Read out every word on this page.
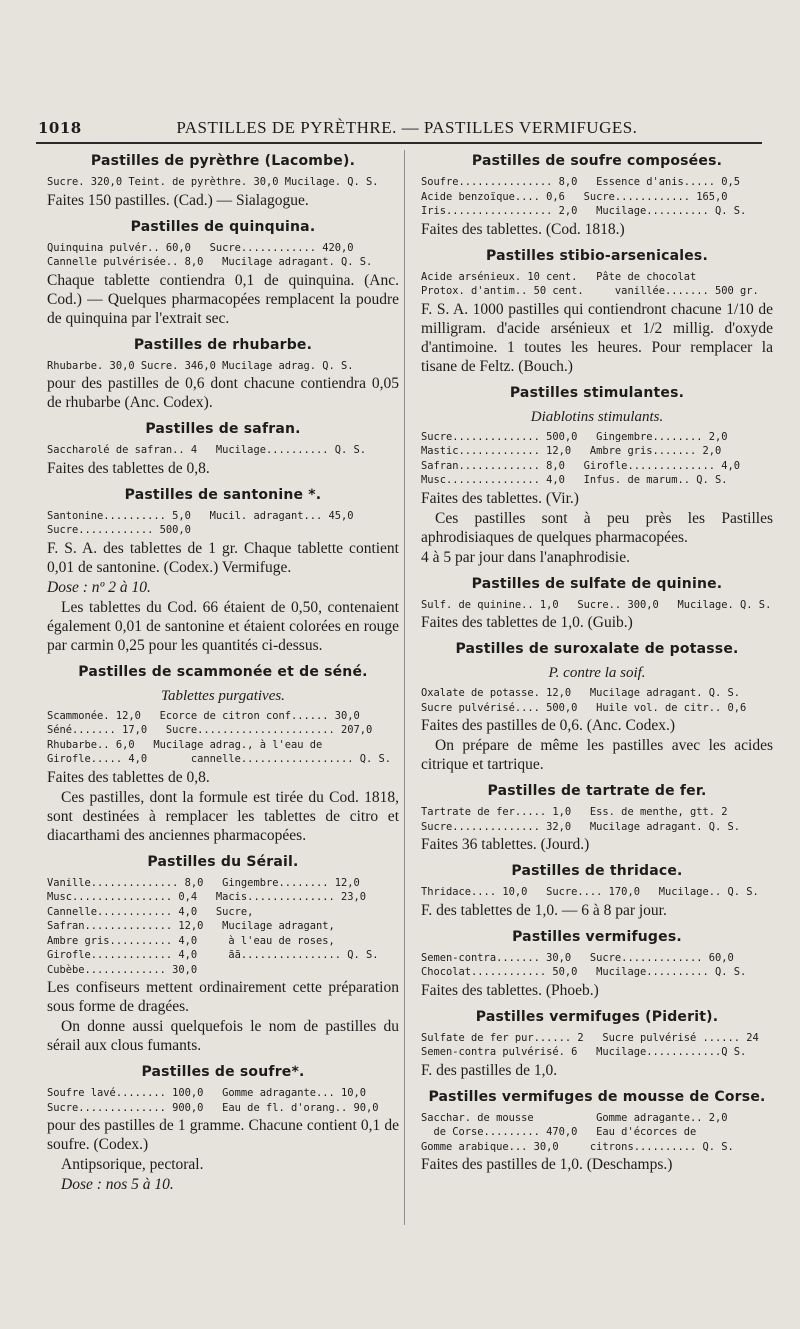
1018	PASTILLES DE PYRÈTHRE. — PASTILLES VERMIFUGES.
Pastilles de pyrèthre (Lacombe).
Sucre. 320,0 Teint. de pyrèthre. 30,0 Mucilage. Q. S.
Faites 150 pastilles. (Cad.) — Sialagogue.
Pastilles de quinquina.
Quinquina pulvér.. 60,0   Sucre............ 420,0
Cannelle pulvérisée.. 8,0   Mucilage adragant. Q. S.
Chaque tablette contiendra 0,1 de quinquina. (Anc. Cod.) — Quelques pharmacopées remplacent la poudre de quinquina par l'extrait sec.
Pastilles de rhubarbe.
Rhubarbe. 30,0 Sucre. 346,0 Mucilage adrag. Q. S.
pour des pastilles de 0,6 dont chacune contiendra 0,05 de rhubarbe (Anc. Codex).
Pastilles de safran.
Saccharolé de safran.. 4   Mucilage.......... Q. S.
Faites des tablettes de 0,8.
Pastilles de santonine *.
Santonine.......... 5,0   Mucil. adragant... 45,0
Sucre............ 500,0
F. S. A. des tablettes de 1 gr. Chaque tablette contient 0,01 de santonine. (Codex.) Vermifuge.
Dose : nº 2 à 10.
Les tablettes du Cod. 66 étaient de 0,50, contenaient également 0,01 de santonine et étaient colorées en rouge par carmin 0,25 pour les quantités ci-dessus.
Pastilles de scammonée et de séné.
Tablettes purgatives.
Scammonée. 12,0   Ecorce de citron conf...... 30,0
Séné....... 17,0   Sucre...................... 207,0
Rhubarbe.. 6,0   Mucilage adrag., à l'eau de
Girofle..... 4,0       cannelle.................. Q. S.
Faites des tablettes de 0,8.
Ces pastilles, dont la formule est tirée du Cod. 1818, sont destinées à remplacer les tablettes de citro et diacarthami des anciennes pharmacopées.
Pastilles du Sérail.
Vanille.............. 8,0   Gingembre........ 12,0
Musc................ 0,4   Macis.............. 23,0
Cannelle............ 4,0   Sucre,
Safran.............. 12,0   Mucilage adragant,
Ambre gris.......... 4,0     à l'eau de roses,
Girofle............. 4,0     ãã................ Q. S.
Cubèbe............. 30,0
Les confiseurs mettent ordinairement cette préparation sous forme de dragées.
On donne aussi quelquefois le nom de pastilles du sérail aux clous fumants.
Pastilles de soufre*.
Soufre lavé........ 100,0   Gomme adragante... 10,0
Sucre.............. 900,0   Eau de fl. d'orang.. 90,0
pour des pastilles de 1 gramme. Chacune contient 0,1 de soufre. (Codex.)
Antipsorique, pectoral.
Dose : nos 5 à 10.
Pastilles de soufre composées.
Soufre............... 8,0   Essence d'anis..... 0,5
Acide benzoïque.... 0,6   Sucre............ 165,0
Iris................. 2,0   Mucilage.......... Q. S.
Faites des tablettes. (Cod. 1818.)
Pastilles stibio-arsenicales.
Acide arsénieux. 10 cent.   Pâte de chocolat
Protox. d'antim.. 50 cent.     vanillée....... 500 gr.
F. S. A. 1000 pastilles qui contiendront chacune 1/10 de milligram. d'acide arsénieux et 1/2 millig. d'oxyde d'antimoine. 1 toutes les heures. Pour remplacer la tisane de Feltz. (Bouch.)
Pastilles stimulantes.
Diablotins stimulants.
Sucre.............. 500,0   Gingembre........ 2,0
Mastic............. 12,0   Ambre gris....... 2,0
Safran............. 8,0   Girofle.............. 4,0
Musc............... 4,0   Infus. de marum.. Q. S.
Faites des tablettes. (Vir.)
Ces pastilles sont à peu près les Pastilles aphrodisiaques de quelques pharmacopées.
4 à 5 par jour dans l'anaphrodisie.
Pastilles de sulfate de quinine.
Sulf. de quinine.. 1,0   Sucre.. 300,0   Mucilage. Q. S.
Faites des tablettes de 1,0. (Guib.)
Pastilles de suroxalate de potasse.
P. contre la soif.
Oxalate de potasse. 12,0   Mucilage adragant. Q. S.
Sucre pulvérisé.... 500,0   Huile vol. de citr.. 0,6
Faites des pastilles de 0,6. (Anc. Codex.)
On prépare de même les pastilles avec les acides citrique et tartrique.
Pastilles de tartrate de fer.
Tartrate de fer..... 1,0   Ess. de menthe, gtt. 2
Sucre.............. 32,0   Mucilage adragant. Q. S.
Faites 36 tablettes. (Jourd.)
Pastilles de thridace.
Thridace.... 10,0   Sucre.... 170,0   Mucilage.. Q. S.
F. des tablettes de 1,0. — 6 à 8 par jour.
Pastilles vermifuges.
Semen-contra....... 30,0   Sucre............. 60,0
Chocolat............ 50,0   Mucilage.......... Q. S.
Faites des tablettes. (Phoeb.)
Pastilles vermifuges (Piderit).
Sulfate de fer pur...... 2   Sucre pulvérisé ...... 24
Semen-contra pulvérisé. 6   Mucilage............Q S.
F. des pastilles de 1,0.
Pastilles vermifuges de mousse de Corse.
Sacchar. de mousse          Gomme adragante.. 2,0
de Corse......... 470,0   Eau d'écorces de
Gomme arabique... 30,0     citrons.......... Q. S.
Faites des pastilles de 1,0. (Deschamps.)
